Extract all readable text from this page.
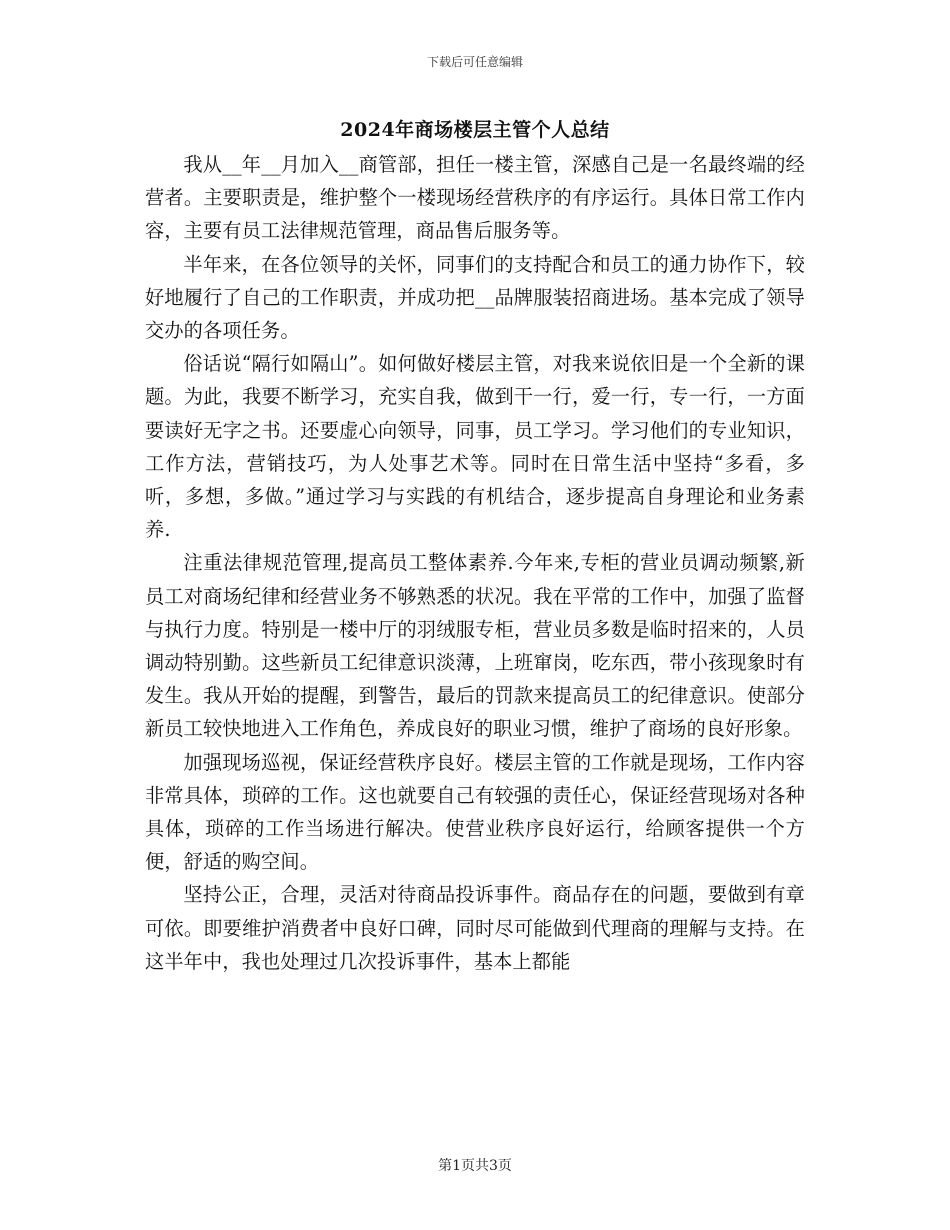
下载后可任意编辑
2024年商场楼层主管个人总结

我从__年__月加入__商管部，担任一楼主管，深感自己是一名最终端的经营者。主要职责是，维护整个一楼现场经营秩序的有序运行。具体日常工作内容，主要有员工法律规范管理，商品售后服务等。

半年来，在各位领导的关怀，同事们的支持配合和员工的通力协作下，较好地履行了自己的工作职责，并成功把__品牌服装招商进场。基本完成了领导交办的各项任务。

俗话说“隔行如隔山”。如何做好楼层主管，对我来说依旧是一个全新的课题。为此，我要不断学习，充实自我，做到干一行，爱一行，专一行，一方面要读好无字之书。还要虚心向领导，同事，员工学习。学习他们的专业知识，工作方法，营销技巧，为人处事艺术等。同时在日常生活中坚持“多看，多听，多想，多做。”通过学习与实践的有机结合，逐步提高自身理论和业务素养.

注重法律规范管理,提高员工整体素养.今年来,专柜的营业员调动频繁,新员工对商场纪律和经营业务不够熟悉的状况。我在平常的工作中，加强了监督与执行力度。特别是一楼中厅的羽绒服专柜，营业员多数是临时招来的，人员调动特别勤。这些新员工纪律意识淡薄，上班窜岗，吃东西，带小孩现象时有发生。我从开始的提醒，到警告，最后的罚款来提高员工的纪律意识。使部分新员工较快地进入工作角色，养成良好的职业习惯，维护了商场的良好形象。

加强现场巡视，保证经营秩序良好。楼层主管的工作就是现场，工作内容非常具体，琐碎的工作。这也就要自己有较强的责任心，保证经营现场对各种具体，琐碎的工作当场进行解决。使营业秩序良好运行，给顾客提供一个方便，舒适的购空间。

坚持公正，合理，灵活对待商品投诉事件。商品存在的问题，要做到有章可依。即要维护消费者中良好口碑，同时尽可能做到代理商的理解与支持。在这半年中，我也处理过几次投诉事件，基本上都能

第1页共3页
